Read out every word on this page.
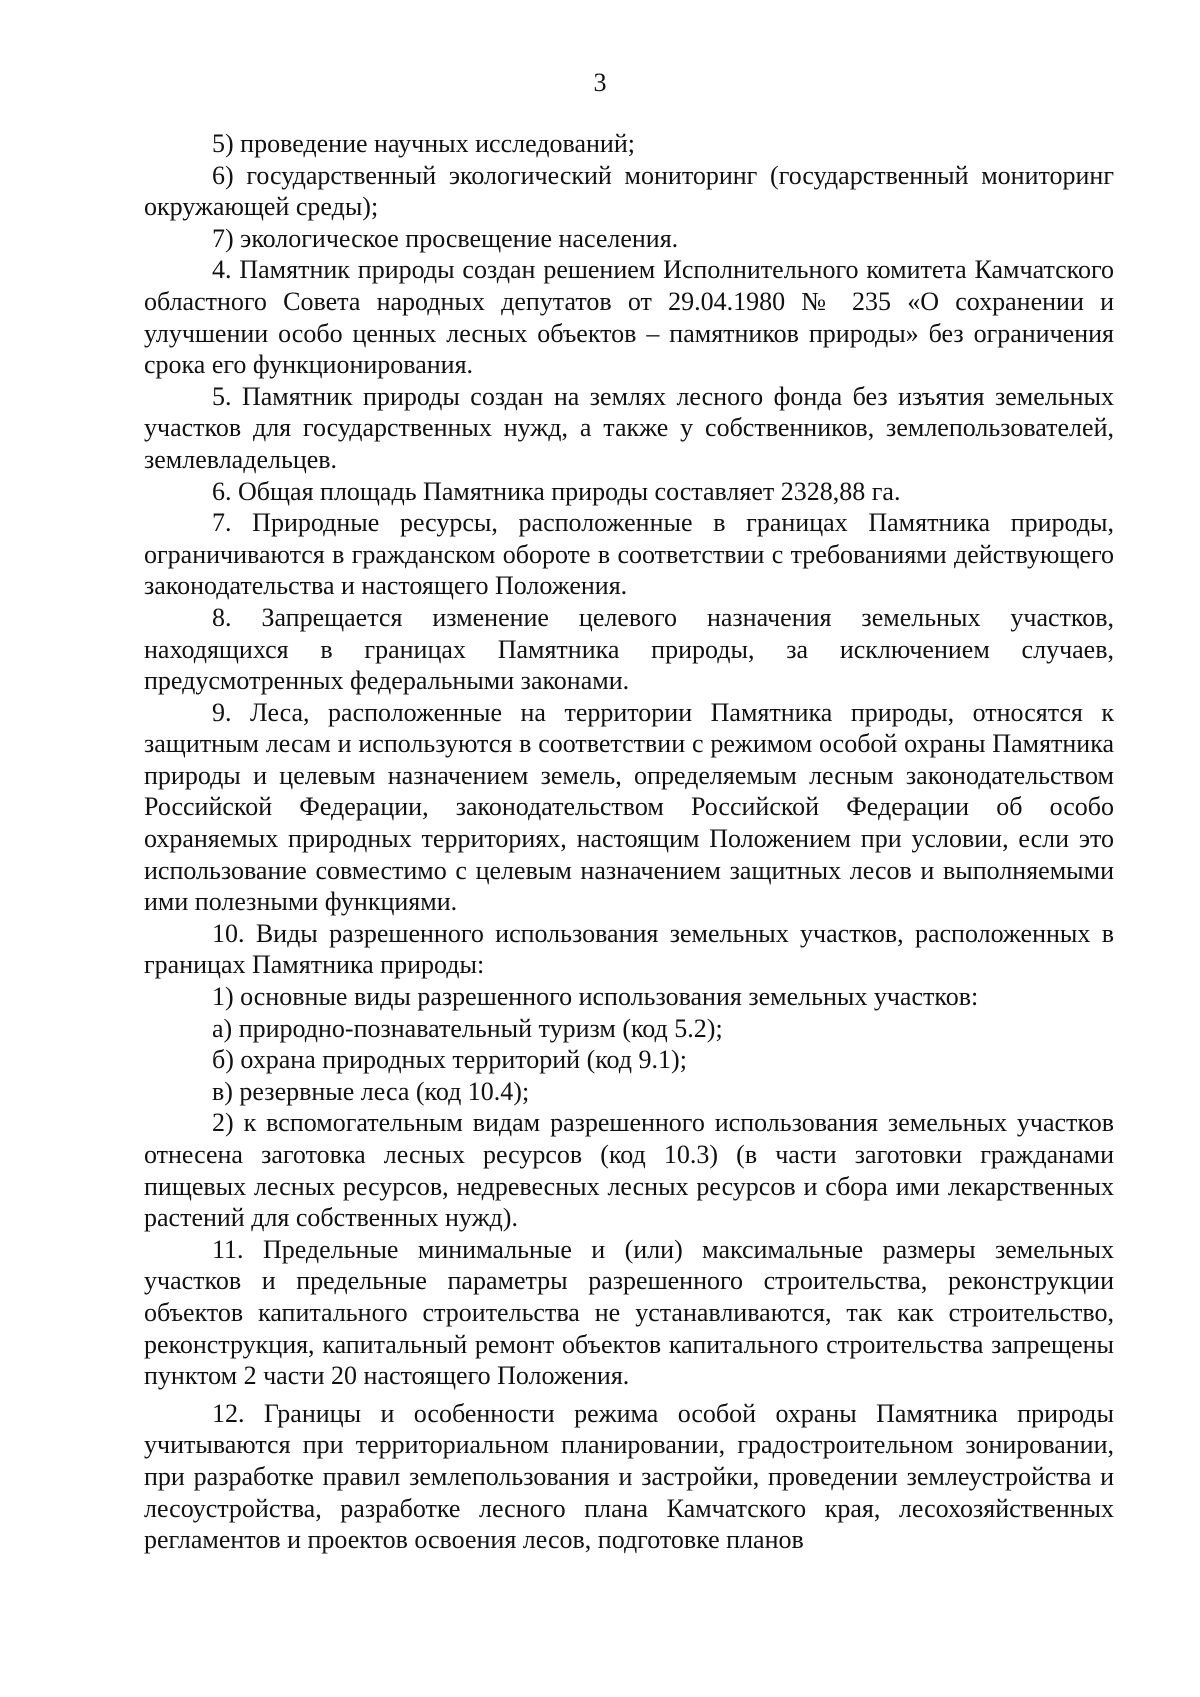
3

5) проведение научных исследований;

6) государственный экологический мониторинг (государственный мониторинг окружающей среды);

7) экологическое просвещение населения.

4. Памятник природы создан решением Исполнительного комитета Камчатского областного Совета народных депутатов от 29.04.1980 № 235 «О сохранении и улучшении особо ценных лесных объектов – памятников природы» без ограничения срока его функционирования.

5. Памятник природы создан на землях лесного фонда без изъятия земельных участков для государственных нужд, а также у собственников, землепользователей, землевладельцев.

6. Общая площадь Памятника природы составляет 2328,88 га.

7. Природные ресурсы, расположенные в границах Памятника природы, ограничиваются в гражданском обороте в соответствии с требованиями действующего законодательства и настоящего Положения.

8. Запрещается изменение целевого назначения земельных участков, находящихся в границах Памятника природы, за исключением случаев, предусмотренных федеральными законами.

9. Леса, расположенные на территории Памятника природы, относятся к защитным лесам и используются в соответствии с режимом особой охраны Памятника природы и целевым назначением земель, определяемым лесным законодательством Российской Федерации, законодательством Российской Федерации об особо охраняемых природных территориях, настоящим Положением при условии, если это использование совместимо с целевым назначением защитных лесов и выполняемыми ими полезными функциями.

10. Виды разрешенного использования земельных участков, расположенных в границах Памятника природы:

1) основные виды разрешенного использования земельных участков:

а) природно-познавательный туризм (код 5.2);

б) охрана природных территорий (код 9.1);

в) резервные леса (код 10.4);

2) к вспомогательным видам разрешенного использования земельных участков отнесена заготовка лесных ресурсов (код 10.3) (в части заготовки гражданами пищевых лесных ресурсов, недревесных лесных ресурсов и сбора ими лекарственных растений для собственных нужд).

11. Предельные минимальные и (или) максимальные размеры земельных участков и предельные параметры разрешенного строительства, реконструкции объектов капитального строительства не устанавливаются, так как строительство, реконструкция, капитальный ремонт объектов капитального строительства запрещены пунктом 2 части 20 настоящего Положения.

12. Границы и особенности режима особой охраны Памятника природы учитываются при территориальном планировании, градостроительном зонировании, при разработке правил землепользования и застройки, проведении землеустройства и лесоустройства, разработке лесного плана Камчатского края, лесохозяйственных регламентов и проектов освоения лесов, подготовке планов
